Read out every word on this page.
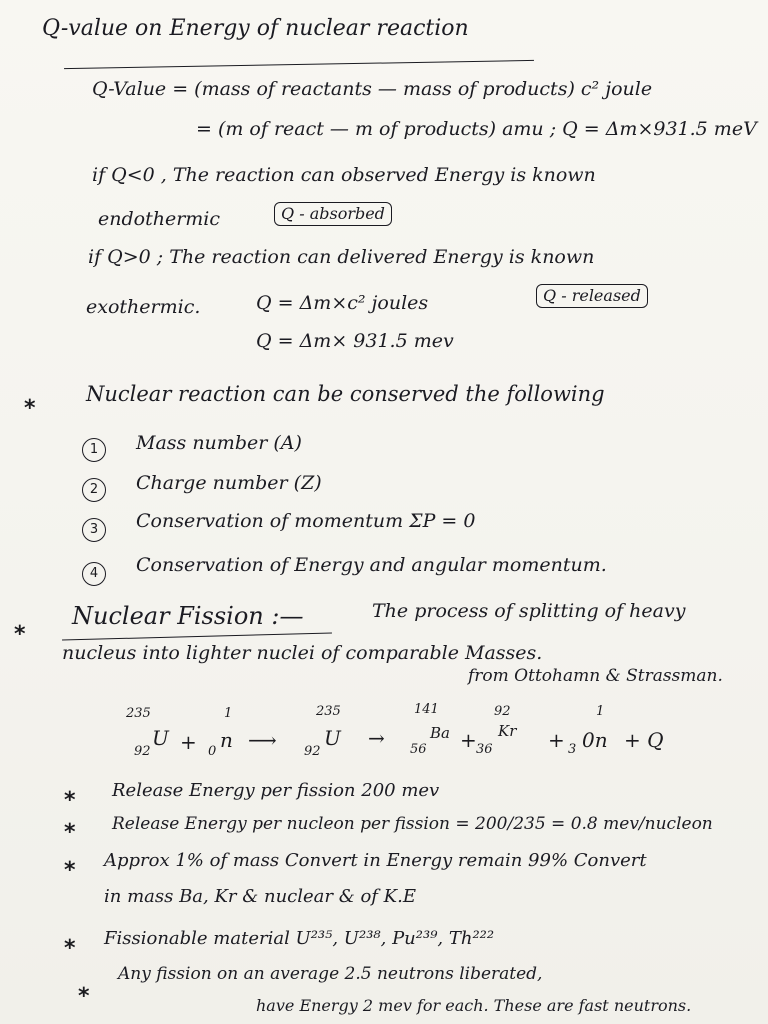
Q-value on Energy of nuclear reaction
Q-Value = (mass of reactants — mass of products) c² joule
= (m of react — m of products) amu ; Q = Δm×931.5 meV
if Q<0 , The reaction can observed Energy is known
endothermic	Q - absorbed
if Q>0 ; The reaction can delivered Energy is known
exothermic.	Q = Δm×c² joules	Q - released
Q = Δm× 931.5 mev
*
Nuclear reaction can be conserved the following
1	Mass number (A)
2	Charge number (Z)
3	Conservation of momentum ΣP = 0
4	Conservation of Energy and angular momentum.
*
Nuclear Fission :—	The process of splitting of heavy
nucleus into lighter nuclei of comparable Masses.
from Ottohamn & Strassman.
235
92
U +
1
0 n ⟶
235
92
U →
141
56
Ba +
92
36
Kr +
1
3 0n + Q
* Release Energy per fission 200 mev
* Release Energy per nucleon per fission = 200/235 = 0.8 mev/nucleon
* Approx 1% of mass Convert in Energy remain 99% Convert
in mass Ba, Kr & nuclear & of K.E
* Fissionable material U²³⁵, U²³⁸, Pu²³⁹, Th²²²
*
Any fission on an average 2.5 neutrons liberated,
have Energy 2 mev for each. These are fast neutrons.
